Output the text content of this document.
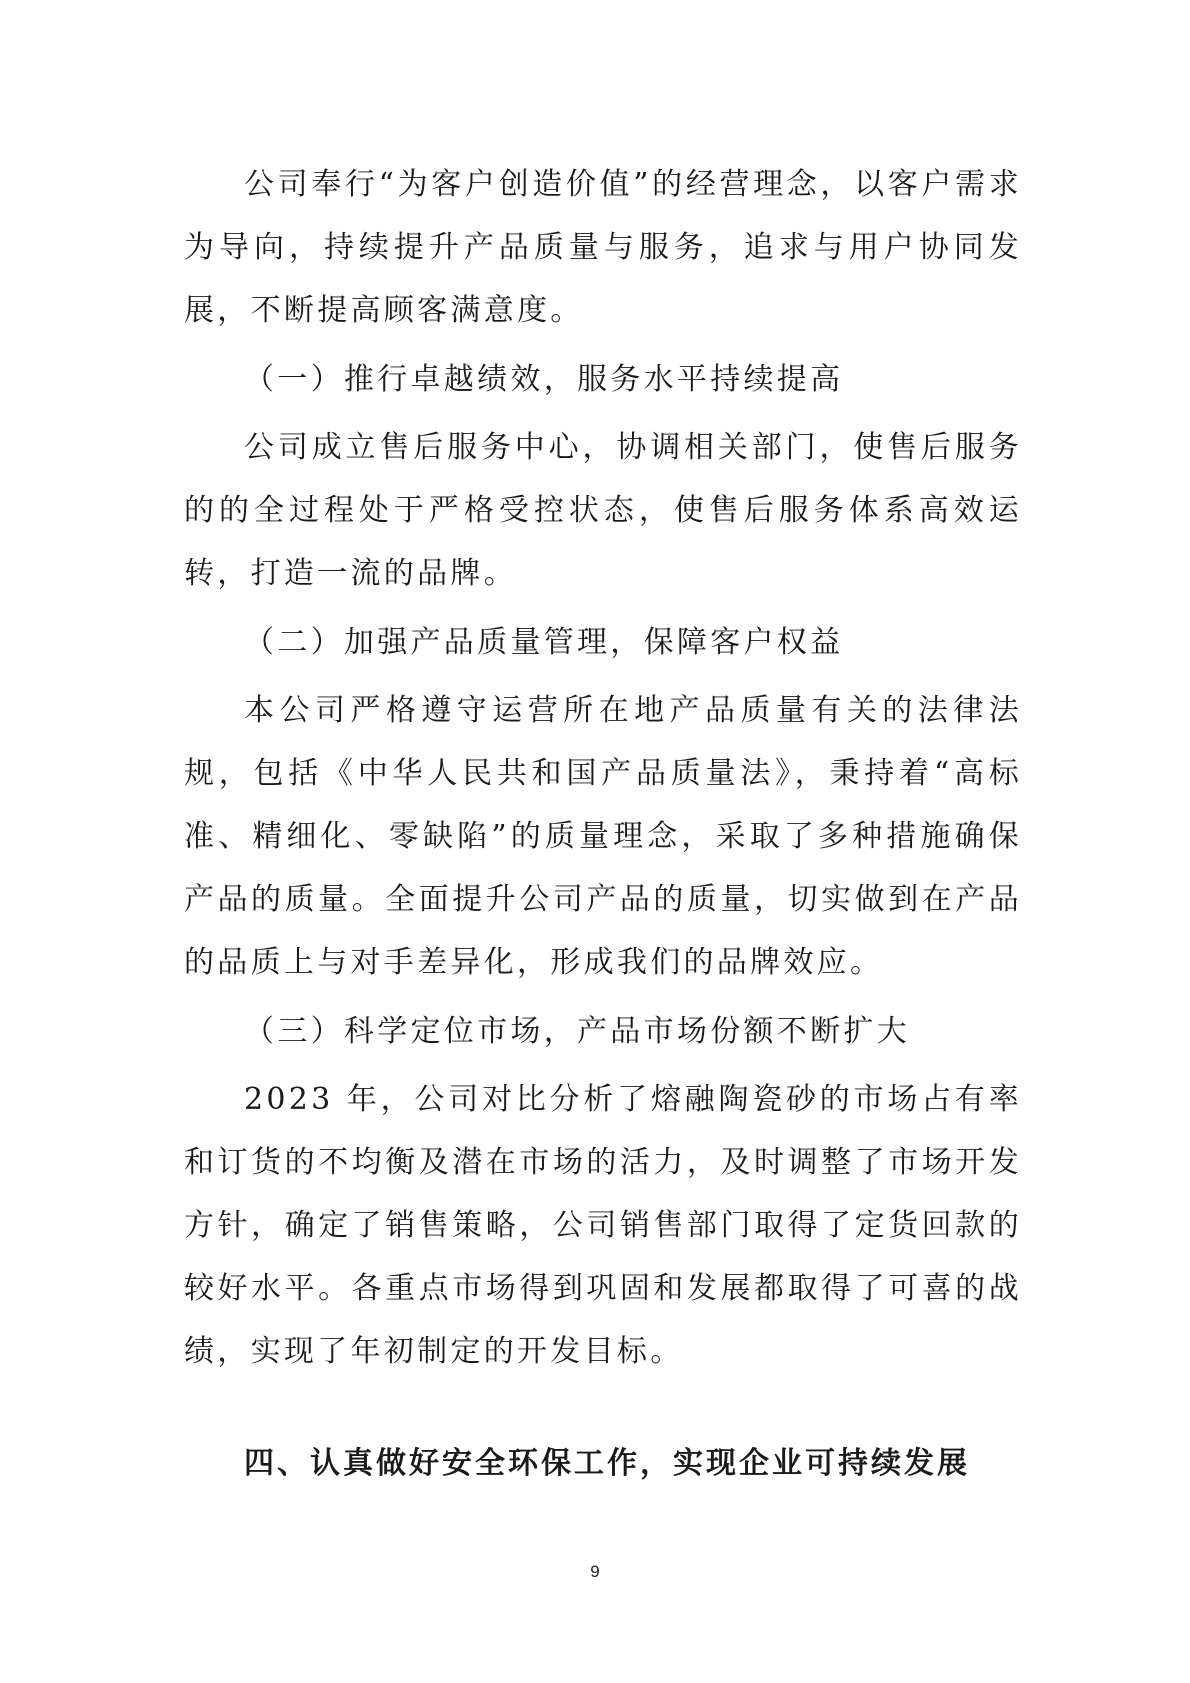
公司奉行“为客户创造价值”的经营理念，以客户需求为导向，持续提升产品质量与服务，追求与用户协同发展，不断提高顾客满意度。

（一）推行卓越绩效，服务水平持续提高

公司成立售后服务中心，协调相关部门，使售后服务的的全过程处于严格受控状态，使售后服务体系高效运转，打造一流的品牌。

（二）加强产品质量管理，保障客户权益

本公司严格遵守运营所在地产品质量有关的法律法规，包括《中华人民共和国产品质量法》，秉持着“高标准、精细化、零缺陷”的质量理念，采取了多种措施确保产品的质量。全面提升公司产品的质量，切实做到在产品的品质上与对手差异化，形成我们的品牌效应。

（三）科学定位市场，产品市场份额不断扩大

2023 年，公司对比分析了熔融陶瓷砂的市场占有率和订货的不均衡及潜在市场的活力，及时调整了市场开发方针，确定了销售策略，公司销售部门取得了定货回款的较好水平。各重点市场得到巩固和发展都取得了可喜的战绩，实现了年初制定的开发目标。

四、认真做好安全环保工作，实现企业可持续发展
9
